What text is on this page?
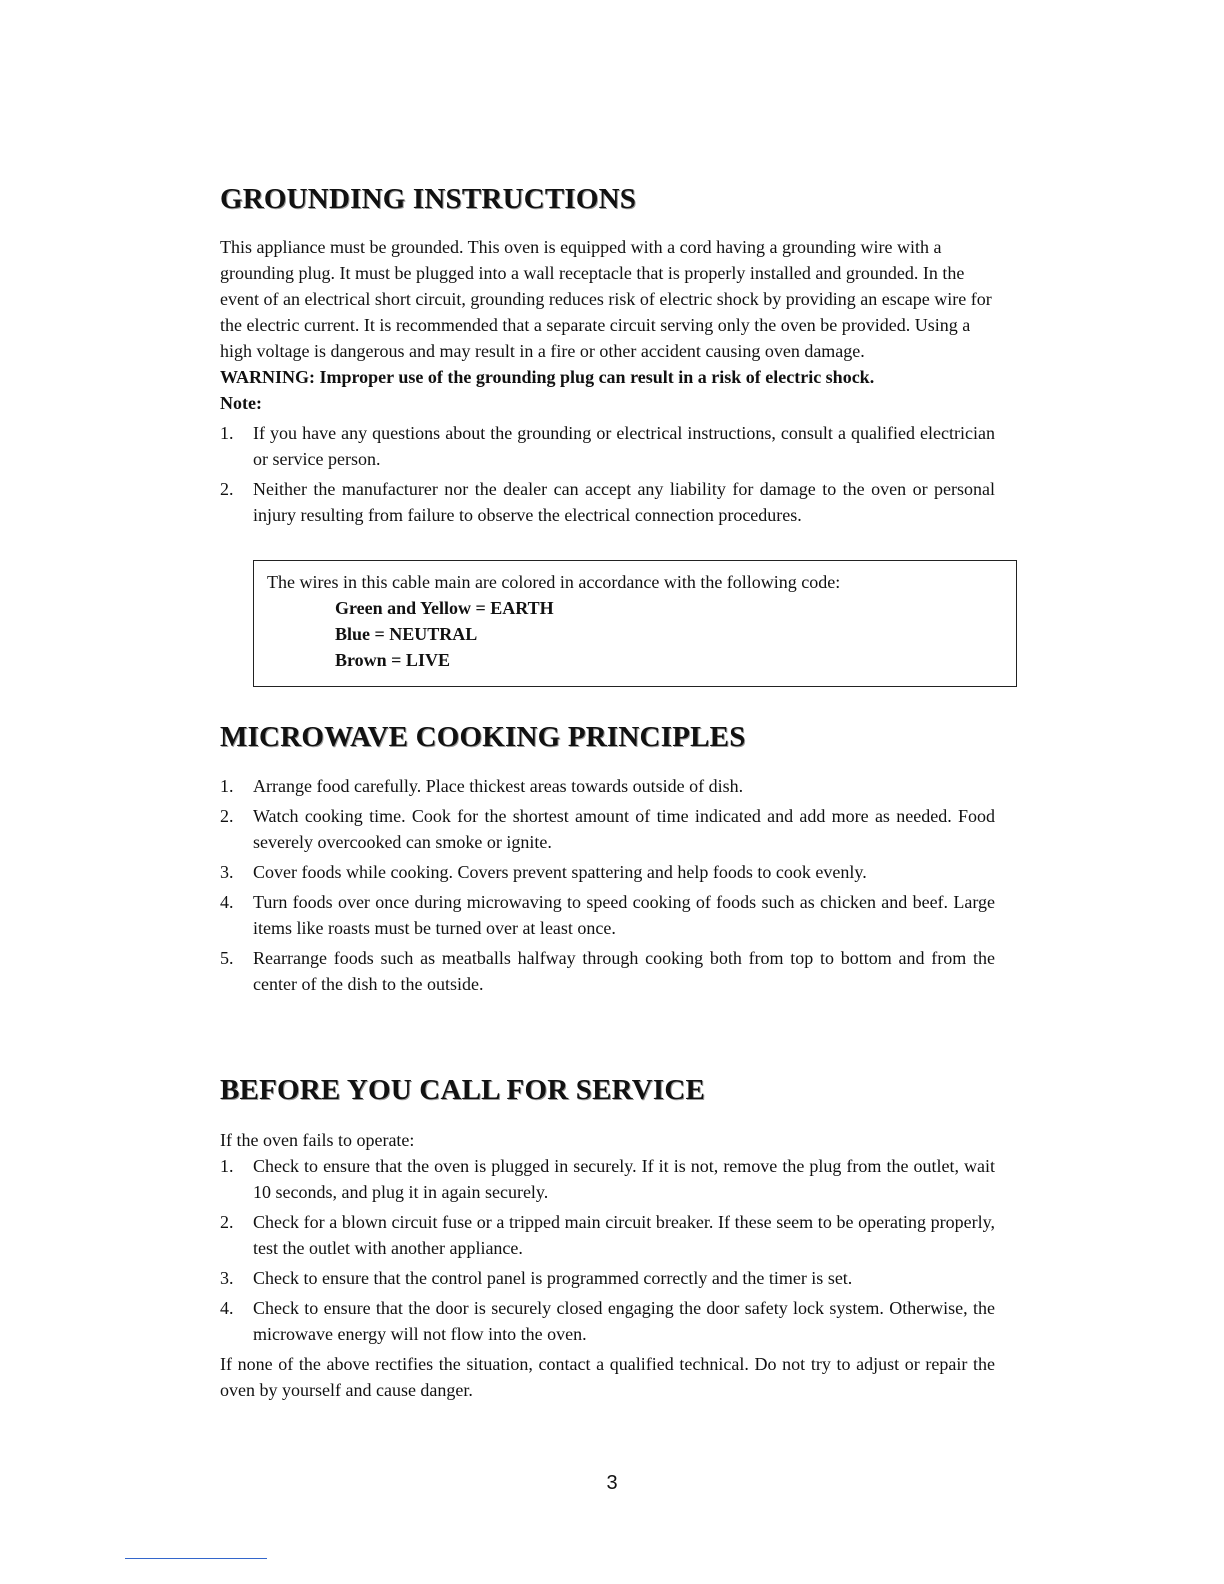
GROUNDING INSTRUCTIONS

This appliance must be grounded. This oven is equipped with a cord having a grounding wire with a grounding plug. It must be plugged into a wall receptacle that is properly installed and grounded. In the event of an electrical short circuit, grounding reduces risk of electric shock by providing an escape wire for the electric current. It is recommended that a separate circuit serving only the oven be provided. Using a high voltage is dangerous and may result in a fire or other accident causing oven damage.

WARNING: Improper use of the grounding plug can result in a risk of electric shock.

Note:

1.	If you have any questions about the grounding or electrical instructions, consult a qualified electrician or service person.
2.	Neither the manufacturer nor the dealer can accept any liability for damage to the oven or personal injury resulting from failure to observe the electrical connection procedures.
The wires in this cable main are colored in accordance with the following code:
Green and Yellow = EARTH
Blue = NEUTRAL
Brown = LIVE
MICROWAVE COOKING PRINCIPLES
1.	Arrange food carefully. Place thickest areas towards outside of dish.
2.	Watch cooking time. Cook for the shortest amount of time indicated and add more as needed. Food severely overcooked can smoke or ignite.
3.	Cover foods while cooking. Covers prevent spattering and help foods to cook evenly.
4.	Turn foods over once during microwaving to speed cooking of foods such as chicken and beef. Large items like roasts must be turned over at least once.
5.	Rearrange foods such as meatballs halfway through cooking both from top to bottom and from the center of the dish to the outside.
BEFORE YOU CALL FOR SERVICE

If the oven fails to operate:

1.	Check to ensure that the oven is plugged in securely. If it is not, remove the plug from the outlet, wait 10 seconds, and plug it in again securely.
2.	Check for a blown circuit fuse or a tripped main circuit breaker. If these seem to be operating properly, test the outlet with another appliance.
3.	Check to ensure that the control panel is programmed correctly and the timer is set.
4.	Check to ensure that the door is securely closed engaging the door safety lock system. Otherwise, the microwave energy will not flow into the oven.

If none of the above rectifies the situation, contact a qualified technical. Do not try to adjust or repair the oven by yourself and cause danger.

3
